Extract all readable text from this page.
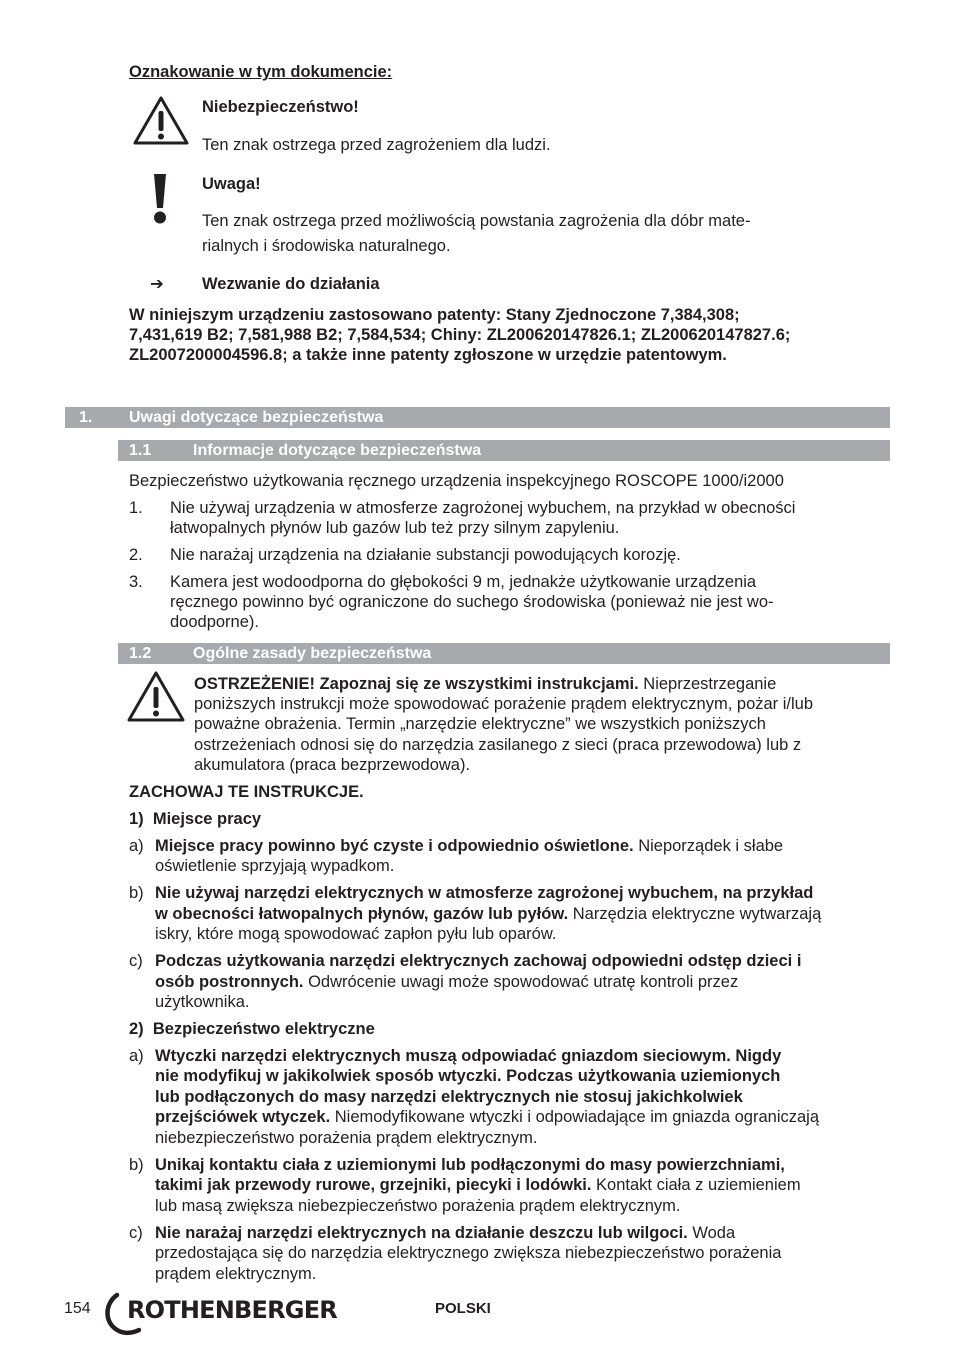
Oznakowanie w tym dokumencie:
Niebezpieczeństwo!
Ten znak ostrzega przed zagrożeniem dla ludzi.
Uwaga!
Ten znak ostrzega przed możliwością powstania zagrożenia dla dóbr mate-
rialnych i środowiska naturalnego.
➔ Wezwanie do działania
W niniejszym urządzeniu zastosowano patenty: Stany Zjednoczone 7,384,308;
7,431,619 B2; 7,581,988 B2; 7,584,534; Chiny: ZL200620147826.1; ZL200620147827.6;
ZL2007200004596.8; a także inne patenty zgłoszone w urzędzie patentowym.
1. Uwagi dotyczące bezpieczeństwa
1.1	Informacje dotyczące bezpieczeństwa
Bezpieczeństwo użytkowania ręcznego urządzenia inspekcyjnego ROSCOPE 1000/i2000
1. Nie używaj urządzenia w atmosferze zagrożonej wybuchem, na przykład w obecności
łatwopalnych płynów lub gazów lub też przy silnym zapyleniu.
2. Nie narażaj urządzenia na działanie substancji powodujących korozję.
3. Kamera jest wodoodporna do głębokości 9 m, jednakże użytkowanie urządzenia
ręcznego powinno być ograniczone do suchego środowiska (ponieważ nie jest wo-
doodporne).
1.2	Ogólne zasady bezpieczeństwa
OSTRZEŻENIE! Zapoznaj się ze wszystkimi instrukcjami. Nieprzestrzeganie
poniższych instrukcji może spowodować porażenie prądem elektrycznym, pożar i/lub
poważne obrażenia. Termin „narzędzie elektryczne” we wszystkich poniższych
ostrzeżeniach odnosi się do narzędzia zasilanego z sieci (praca przewodowa) lub z
akumulatora (praca bezprzewodowa).
ZACHOWAJ TE INSTRUKCJE.
1)  Miejsce pracy
a) Miejsce pracy powinno być czyste i odpowiednio oświetlone. Nieporządek i słabe
oświetlenie sprzyjają wypadkom.
b) Nie używaj narzędzi elektrycznych w atmosferze zagrożonej wybuchem, na przykład
w obecności łatwopalnych płynów, gazów lub pyłów. Narzędzia elektryczne wytwarzają
iskry, które mogą spowodować zapłon pyłu lub oparów.
c) Podczas użytkowania narzędzi elektrycznych zachowaj odpowiedni odstęp dzieci i
osób postronnych. Odwrócenie uwagi może spowodować utratę kontroli przez
użytkownika.
2)  Bezpieczeństwo elektryczne
a) Wtyczki narzędzi elektrycznych muszą odpowiadać gniazdom sieciowym. Nigdy
nie modyfikuj w jakikolwiek sposób wtyczki. Podczas użytkowania uziemionych
lub podłączonych do masy narzędzi elektrycznych nie stosuj jakichkolwiek
przejściówek wtyczek. Niemodyfikowane wtyczki i odpowiadające im gniazda ograniczają
niebezpieczeństwo porażenia prądem elektrycznym.
b) Unikaj kontaktu ciała z uziemionymi lub podłączonymi do masy powierzchniami,
takimi jak przewody rurowe, grzejniki, piecyki i lodówki. Kontakt ciała z uziemieniem
lub masą zwiększa niebezpieczeństwo porażenia prądem elektrycznym.
c) Nie narażaj narzędzi elektrycznych na działanie deszczu lub wilgoci. Woda
przedostająca się do narzędzia elektrycznego zwiększa niebezpieczeństwo porażenia
prądem elektrycznym.
154 ROTHENBERGER	POLSKI
